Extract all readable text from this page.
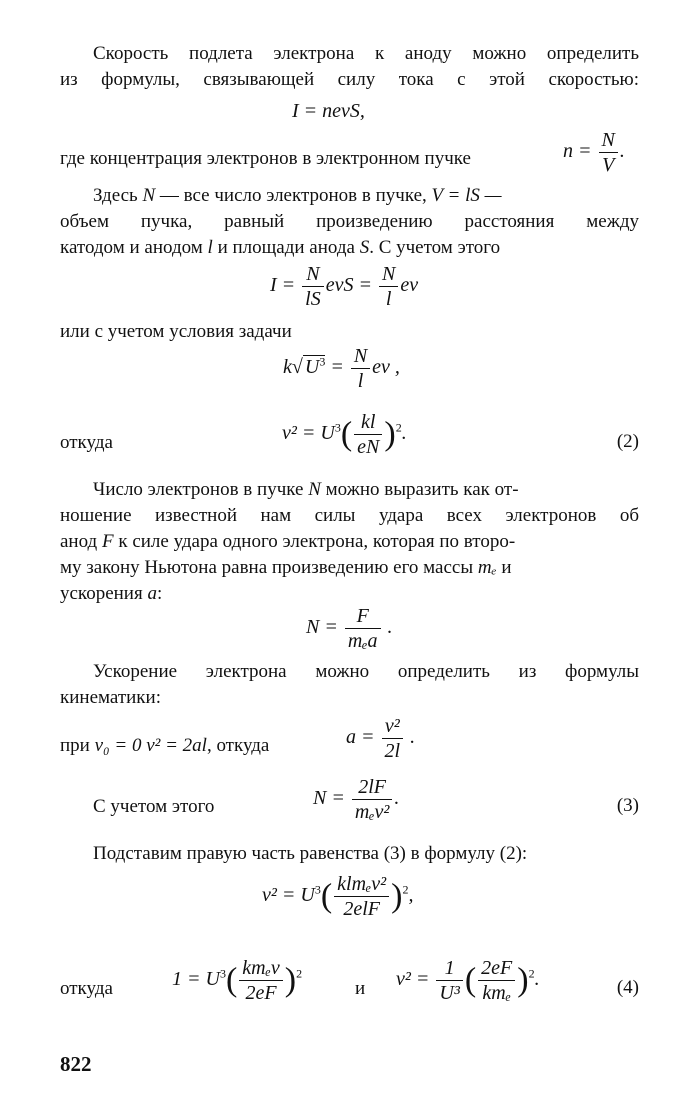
Скорость подлета электрона к аноду можно определить
из формулы, связывающей силу тока с этой скоростью:
I = nevS,
где концентрация электронов в электронном пучке	$n = \frac{N}{V}$ .
Здесь N — все число электронов в пучке, V = lS —
объем пучка, равный произведению расстояния между
катодом и анодом l и площади анода S. С учетом этого
$I = \frac{N}{lS}$ evS = $\frac{N}{l}$ ev
или с учетом условия задачи
k√ $U^3 = \frac{N}{l}$ ev ,
откуда	$v^2 = U^3( \frac{kl}{eN} )^2$.	(2)
Число электронов в пучке N можно выразить как от-
ношение известной нам силы удара всех электронов об
анод F к силе удара одного электрона, которая по второ-
му закону Ньютона равна произведению его массы mₑ и
ускорения a:
$N = \frac{F}{\text{mₑa}}$ .
Ускорение электрона можно определить из формулы
кинематики:
при v₀ = 0 v² = 2al, откуда	$a = \frac{\text{v²}}{2l}$ .
С учетом этого	$N = \frac{2lF}{\text{mₑv²}}$ .	(3)
Подставим правую часть равенства (3) в формулу (2):
$v^2 = U^3( \frac{\text{klmₑv²}}{\text{2elF}} )^2$,
откуда	$1 = U^3( \frac{\text{kmₑv}}{2eF} )^2$
и	$v^2 = \frac{1}{\text{U³}}$ ( $\frac{2eF}{\text{kmₑ}} )^2$.	(4)
822
